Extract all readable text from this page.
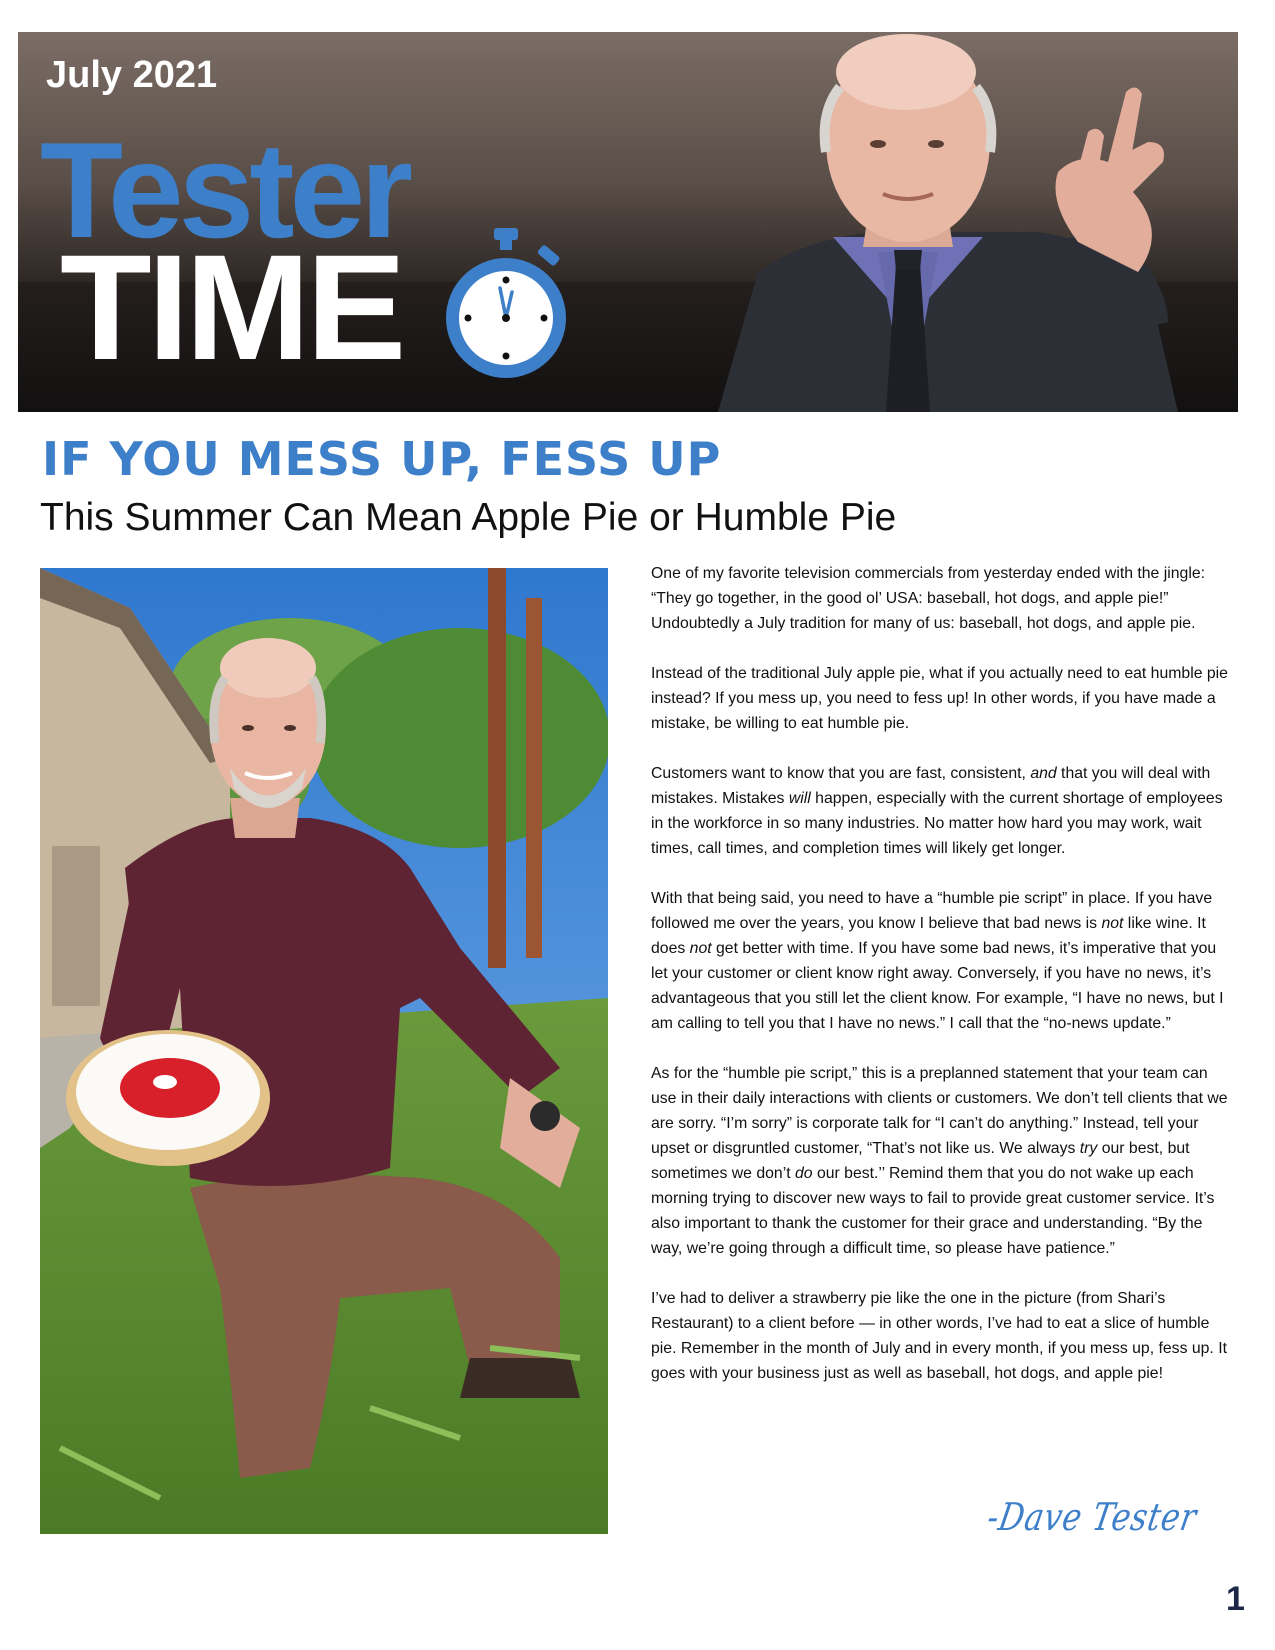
July 2021
Tester
TIME
IF YOU MESS UP, FESS UP
This Summer Can Mean Apple Pie or Humble Pie

One of my favorite television commercials from yesterday ended with the jingle: “They go together, in the good ol’ USA: baseball, hot dogs, and apple pie!” Undoubtedly a July tradition for many of us: baseball, hot dogs, and apple pie.

Instead of the traditional July apple pie, what if you actually need to eat humble pie instead? If you mess up, you need to fess up! In other words, if you have made a mistake, be willing to eat humble pie.

Customers want to know that you are fast, consistent, and that you will deal with mistakes. Mistakes will happen, especially with the current shortage of employees in the workforce in so many industries. No matter how hard you may work, wait times, call times, and completion times will likely get longer.

With that being said, you need to have a “humble pie script” in place. If you have followed me over the years, you know I believe that bad news is not like wine. It does not get better with time. If you have some bad news, it’s imperative that you let your customer or client know right away. Conversely, if you have no news, it’s advantageous that you still let the client know. For example, “I have no news, but I am calling to tell you that I have no news.” I call that the “no-news update.”

As for the “humble pie script,” this is a preplanned statement that your team can use in their daily interactions with clients or customers. We don’t tell clients that we are sorry. “I’m sorry” is corporate talk for “I can’t do anything.” Instead, tell your upset or disgruntled customer, “That’s not like us. We always try our best, but sometimes we don’t do our best.’’ Remind them that you do not wake up each morning trying to discover new ways to fail to provide great customer service. It’s also important to thank the customer for their grace and understanding. “By the way, we’re going through a difficult time, so please have patience.”

I’ve had to deliver a strawberry pie like the one in the picture (from Shari’s Restaurant) to a client before — in other words, I’ve had to eat a slice of humble pie. Remember in the month of July and in every month, if you mess up, fess up. It goes with your business just as well as baseball, hot dogs, and apple pie!

-Dave Tester
1
